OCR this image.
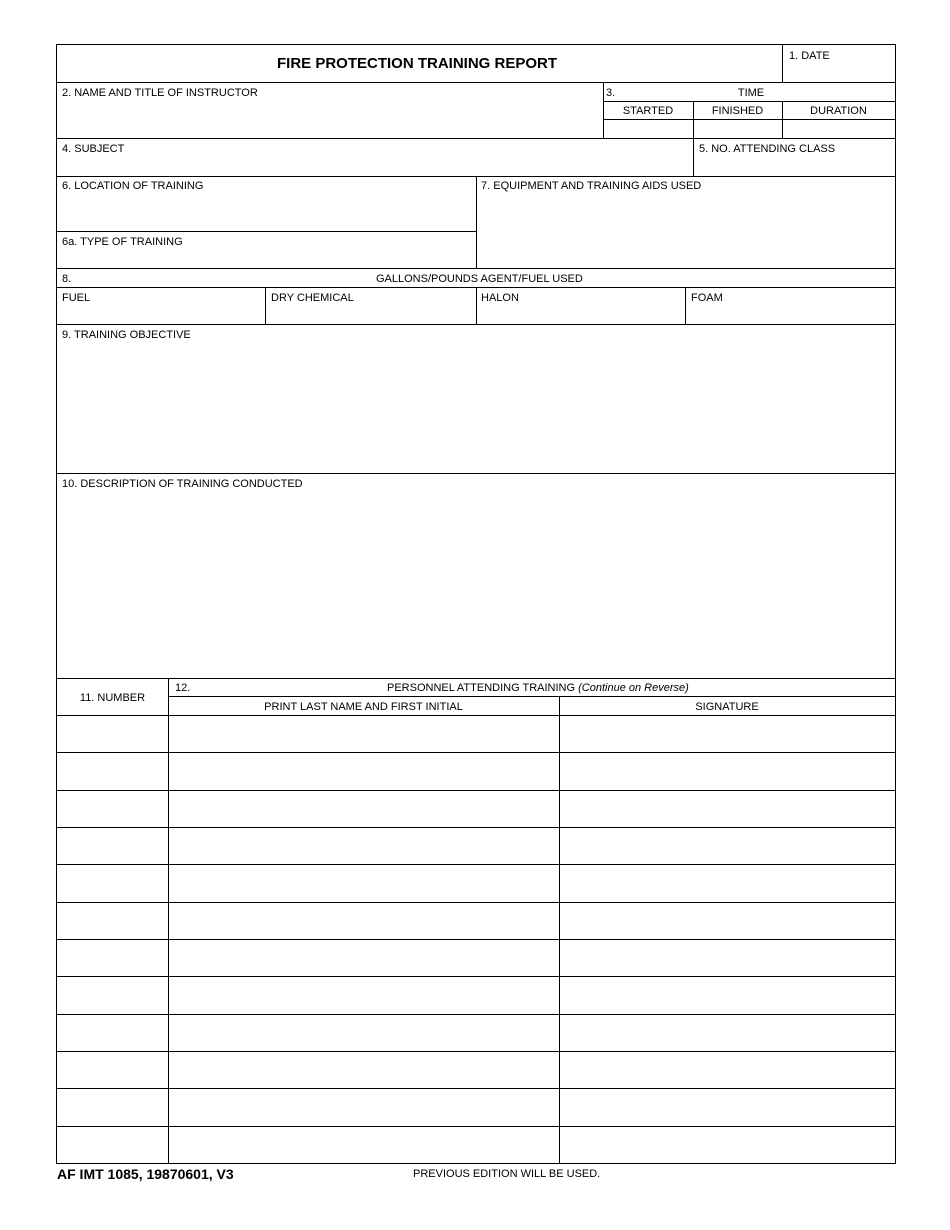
FIRE PROTECTION TRAINING REPORT	1. DATE
2. NAME AND TITLE OF INSTRUCTOR	3.	TIME
STARTED	FINISHED	DURATION
4. SUBJECT	5. NO. ATTENDING CLASS
6. LOCATION OF TRAINING	7. EQUIPMENT AND TRAINING AIDS USED
6a. TYPE OF TRAINING
8.	GALLONS/POUNDS AGENT/FUEL USED
FUEL	DRY CHEMICAL	HALON	FOAM
9. TRAINING OBJECTIVE
10. DESCRIPTION OF TRAINING CONDUCTED
11. NUMBER
12.	PERSONNEL ATTENDING TRAINING (Continue on Reverse)
PRINT LAST NAME AND FIRST INITIAL	SIGNATURE
AF IMT 1085, 19870601, V3	PREVIOUS EDITION WILL BE USED.
